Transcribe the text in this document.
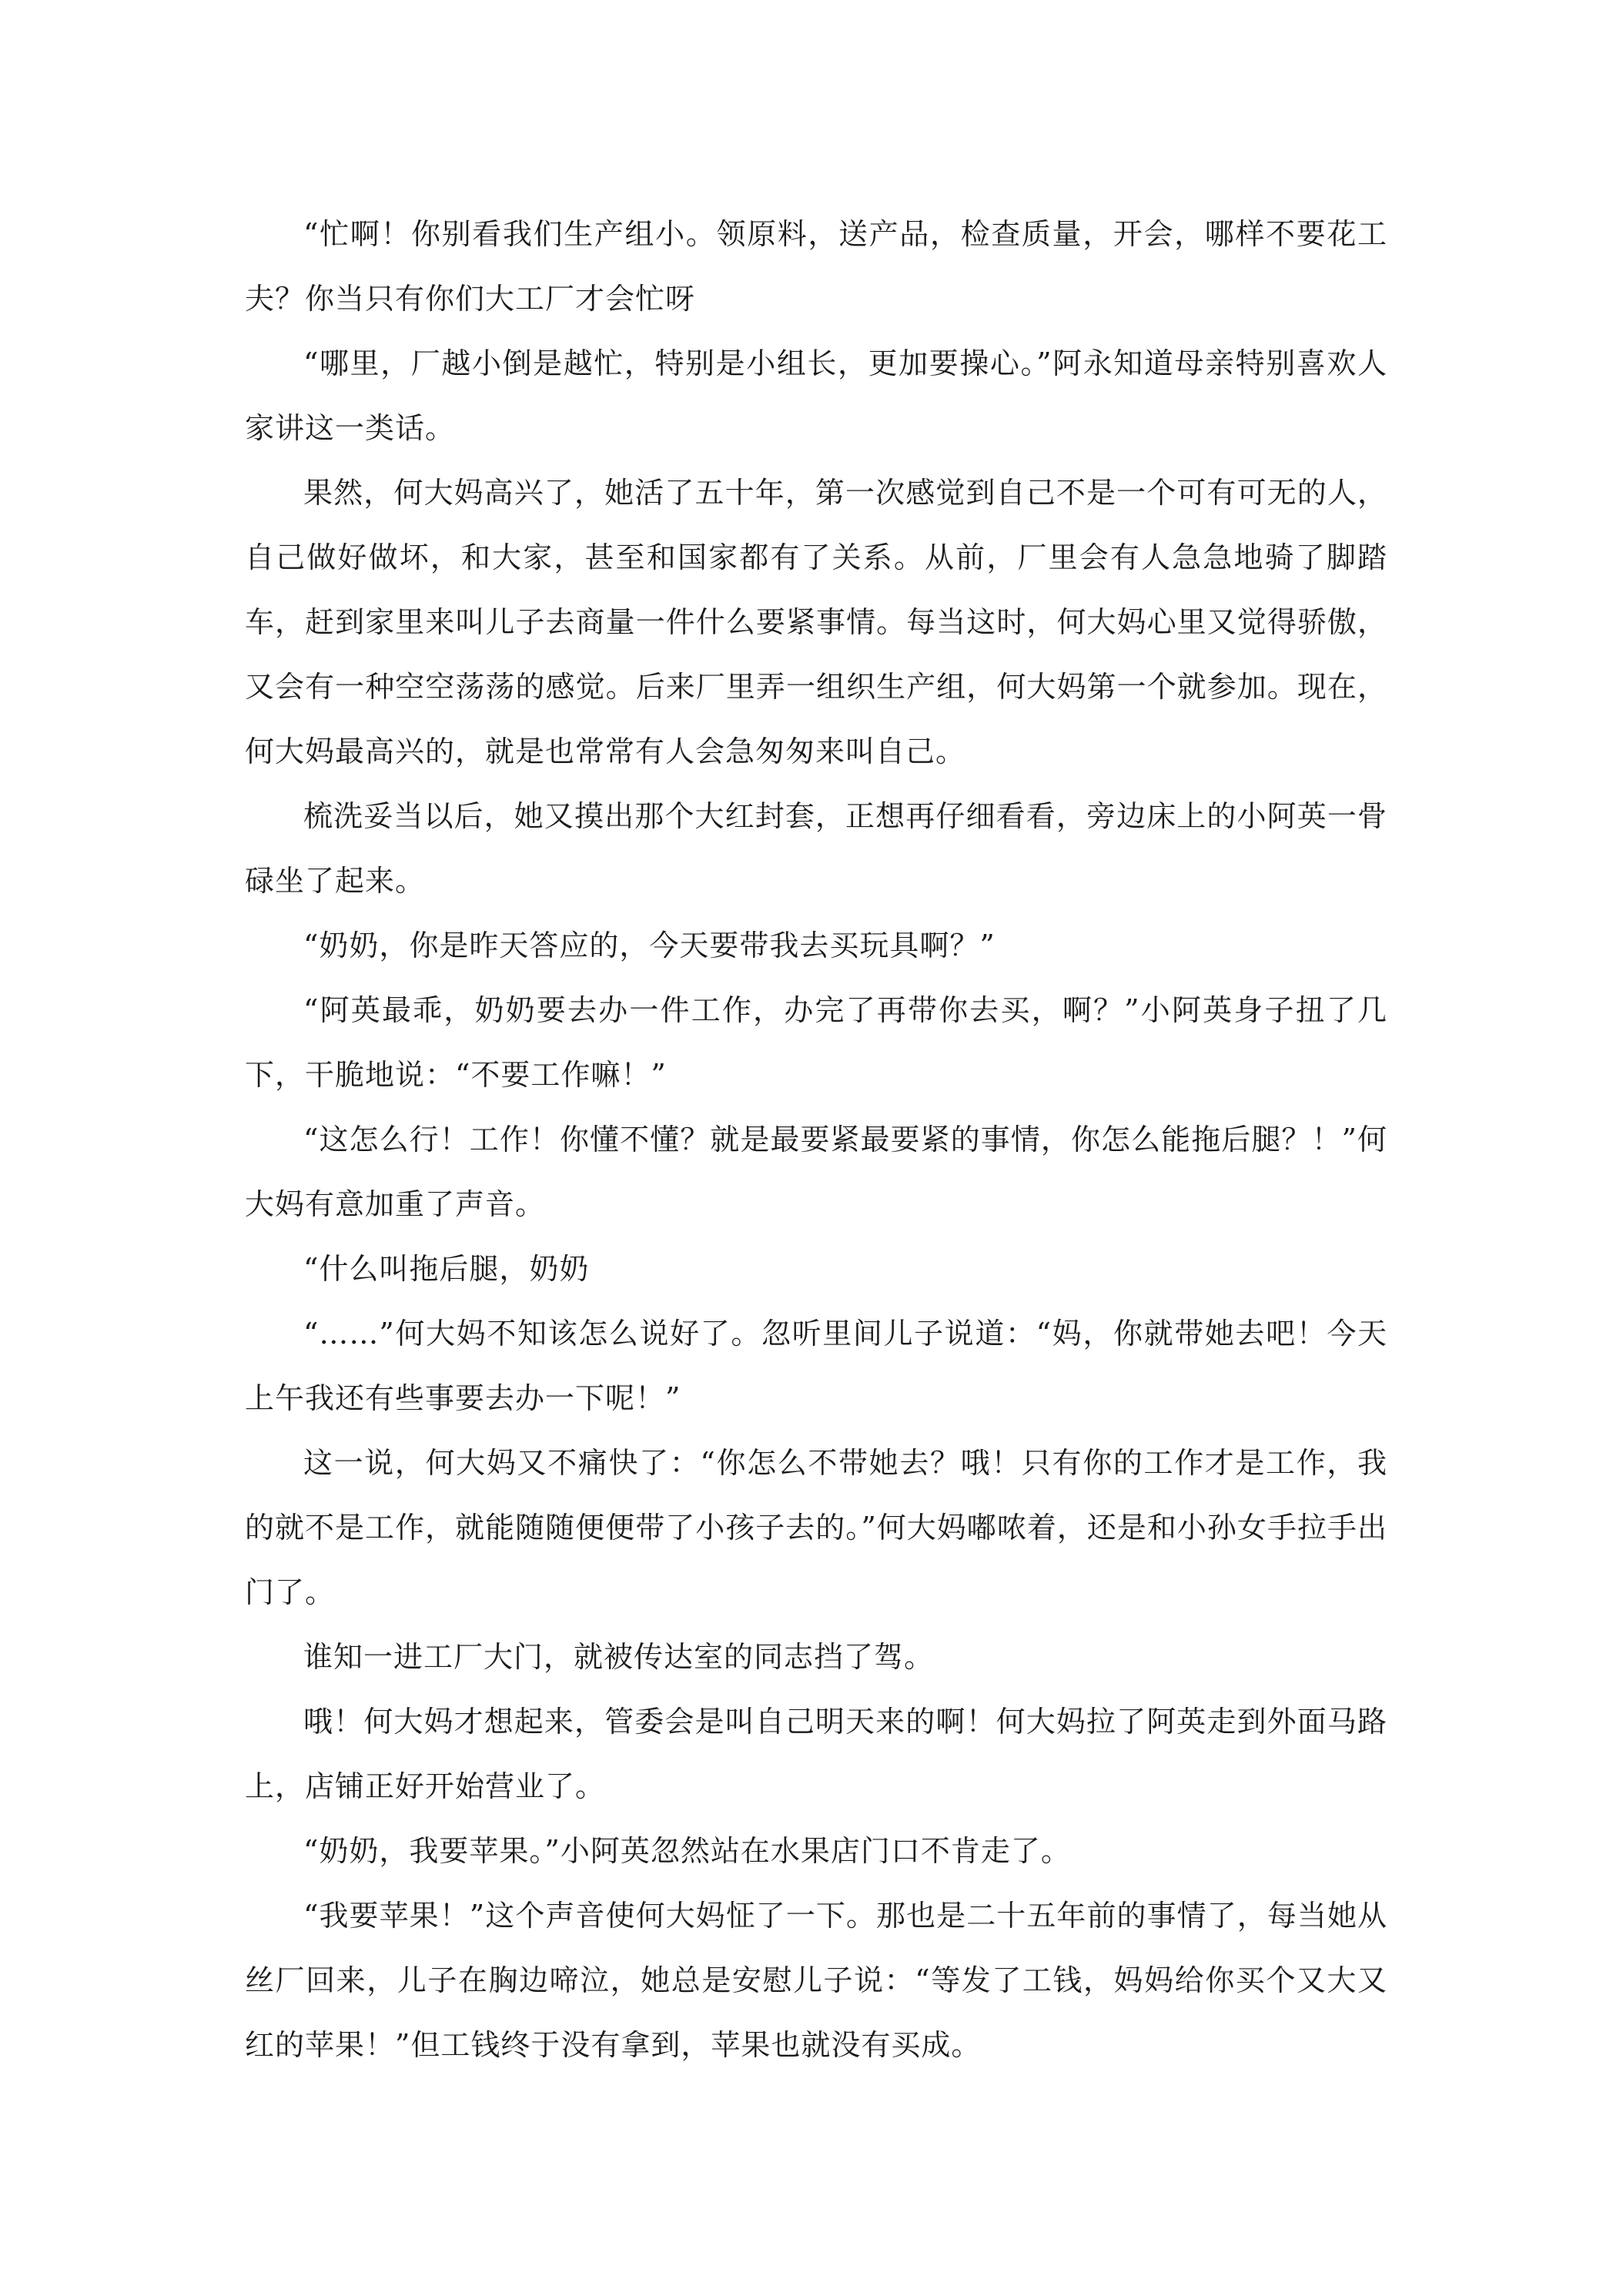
“忙啊！你别看我们生产组小。领原料，送产品，检查质量，开会，哪样不要花工夫？你当只有你们大工厂才会忙呀

“哪里，厂越小倒是越忙，特别是小组长，更加要操心。”阿永知道母亲特别喜欢人家讲这一类话。

果然，何大妈高兴了，她活了五十年，第一次感觉到自己不是一个可有可无的人，自己做好做坏，和大家，甚至和国家都有了关系。从前，厂里会有人急急地骑了脚踏车，赶到家里来叫儿子去商量一件什么要紧事情。每当这时，何大妈心里又觉得骄傲，又会有一种空空荡荡的感觉。后来厂里弄一组织生产组，何大妈第一个就参加。现在，何大妈最高兴的，就是也常常有人会急匆匆来叫自己。

梳洗妥当以后，她又摸出那个大红封套，正想再仔细看看，旁边床上的小阿英一骨碌坐了起来。

“奶奶，你是昨天答应的，今天要带我去买玩具啊？”

“阿英最乖，奶奶要去办一件工作，办完了再带你去买，啊？”小阿英身子扭了几下，干脆地说：“不要工作嘛！”

“这怎么行！工作！你懂不懂？就是最要紧最要紧的事情，你怎么能拖后腿？！”何大妈有意加重了声音。

“什么叫拖后腿，奶奶

“……”何大妈不知该怎么说好了。忽听里间儿子说道：“妈，你就带她去吧！今天上午我还有些事要去办一下呢！”

这一说，何大妈又不痛快了：“你怎么不带她去？哦！只有你的工作才是工作，我的就不是工作，就能随随便便带了小孩子去的。”何大妈嘟哝着，还是和小孙女手拉手出门了。

谁知一进工厂大门，就被传达室的同志挡了驾。

哦！何大妈才想起来，管委会是叫自己明天来的啊！何大妈拉了阿英走到外面马路上，店铺正好开始营业了。

“奶奶，我要苹果。”小阿英忽然站在水果店门口不肯走了。

“我要苹果！”这个声音使何大妈怔了一下。那也是二十五年前的事情了，每当她从丝厂回来，儿子在胸边啼泣，她总是安慰儿子说：“等发了工钱，妈妈给你买个又大又红的苹果！”但工钱终于没有拿到，苹果也就没有买成。
